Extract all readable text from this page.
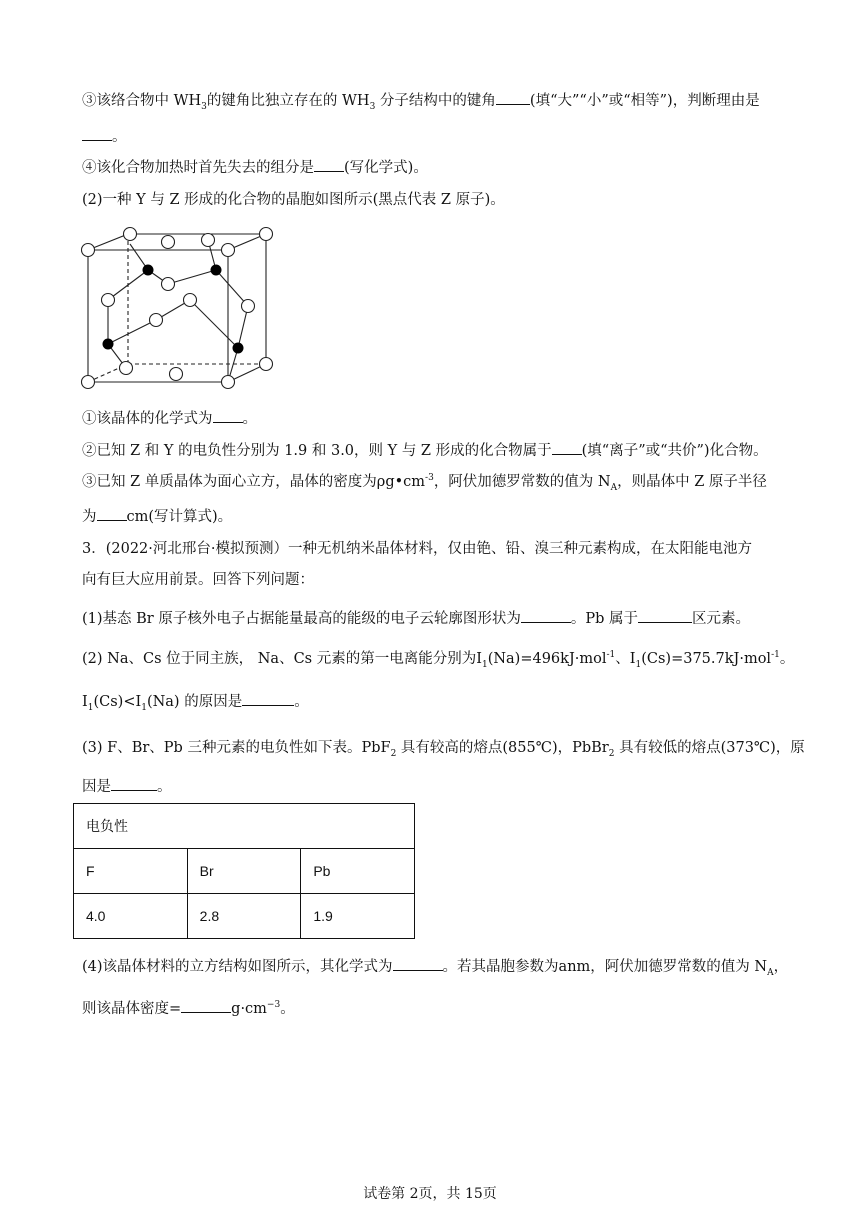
③该络合物中 $WH_3$的键角比独立存在的 $WH_3$ 分子结构中的键角 (填“大”“小”或“相等”)，判断理由是
。
④该化合物加热时首先失去的组分是 (写化学式)。
(2)一种 Y 与 Z 形成的化合物的晶胞如图所示(黑点代表 Z 原子)。
①该晶体的化学式为 。
②已知 Z 和 Y 的电负性分别为 1.9 和 3.0，则 Y 与 Z 形成的化合物属于 (填“离子”或“共价”)化合物。
③已知 Z 单质晶体为面心立方，晶体的密度为$\rho g•cm^{-3}$，阿伏加德罗常数的值为 $N_A$，则晶体中 Z 原子半径
为 cm(写计算式)。
3．(2022·河北邢台·模拟预测）一种无机纳米晶体材料，仅由铯、铅、溴三种元素构成，在太阳能电池方
向有巨大应用前景。回答下列问题：
(1)基态 Br 原子核外电子占据能量最高的能级的电子云轮廓图形状为	。Pb 属于	区元素。
(2) Na、Cs 位于同主族， Na、Cs 元素的第一电离能分别为$I_1(Na)=496kJ\cdot mol^{-1}$、$I_1(Cs)=375.7kJ\cdot mol^{-1}$。
$I_1(Cs)<I_1(Na)$ 的原因是	。
(3) F、Br、Pb 三种元素的电负性如下表。PbF$_2$ 具有较高的熔点(855℃)，PbBr$_2$ 具有较低的熔点(373℃)，原
因是	。
电负性		
F	Br	Pb
4.0	2.8	1.9
(4)该晶体材料的立方结构如图所示，其化学式为	。若其晶胞参数为anm，阿伏加德罗常数的值为 $N_A$，
则该晶体密度=	$g\cdot cm^{-3}$。
试卷第 2页，共 15页
